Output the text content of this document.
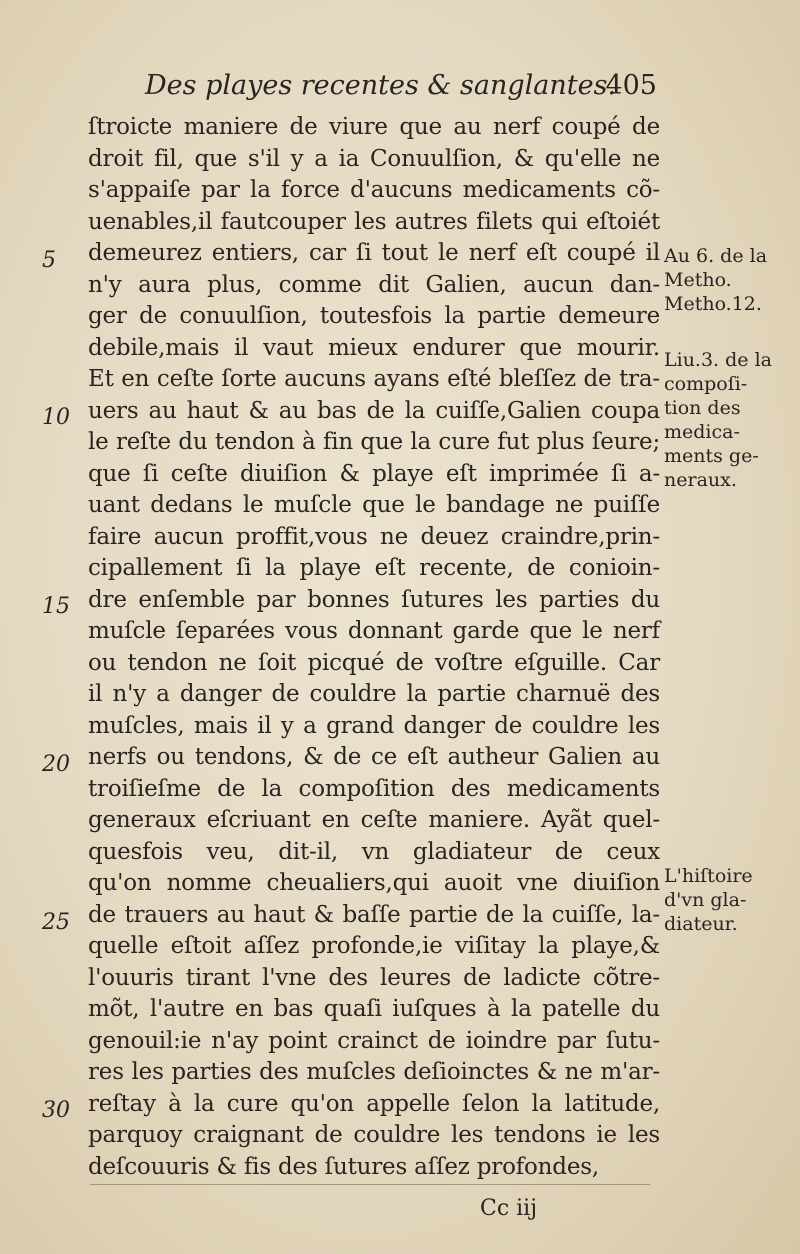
Des playes recentes & sanglantes.
405
ſtroicte maniere de viure que au nerf coupé de
droit fil, que s'il y a ia Conuulſion, & qu'elle ne
s'appaiſe par la force d'aucuns medicaments cõ-
uenables,il fautcouper les autres filets qui eſtoiét
demeurez entiers, car ſi tout le nerf eſt coupé il
n'y aura plus, comme dit Galien, aucun dan-
ger de conuulſion, toutesfois la partie demeure
debile,mais il vaut mieux endurer que mourir.
Et en ceſte ſorte aucuns ayans eſté bleſſez de tra-
uers au haut & au bas de la cuiſſe,Galien coupa
le reſte du tendon à fin que la cure fut plus ſeure;
que ſi ceſte diuiſion & playe eſt imprimée ſi a-
uant dedans le muſcle que le bandage ne puiſſe
faire aucun proffit,vous ne deuez craindre,prin-
cipallement ſi la playe eſt recente, de conioin-
dre enſemble par bonnes ſutures les parties du
muſcle ſeparées vous donnant garde que le nerf
ou tendon ne ſoit picqué de voſtre eſguille. Car
il n'y a danger de couldre la partie charnuë des
muſcles, mais il y a grand danger de couldre les
nerfs ou tendons, & de ce eſt autheur Galien au
troiſieſme de la compoſition des medicaments
generaux eſcriuant en ceſte maniere. Ayãt quel-
quesfois veu, dit-il, vn gladiateur de ceux
qu'on nomme cheualiers,qui auoit vne diuiſion
de trauers au haut & baſſe partie de la cuiſſe, la-
quelle eſtoit aſſez profonde,ie viſitay la playe,&
l'ouuris tirant l'vne des leures de ladicte cõtre-
mõt, l'autre en bas quaſi iuſques à la patelle du
genouil:ie n'ay point crainct de ioindre par ſutu-
res les parties des muſcles deſioinctes & ne m'ar-
reſtay à la cure qu'on appelle ſelon la latitude,
parquoy craignant de couldre les tendons ie les
deſcouuris & fis des ſutures aſſez profondes,
5
10
15
20
25
30
Au 6. de la
Metho.
Metho.12.
Liu.3. de la
compoſi-
tion des
medica-
ments ge-
neraux.
L'hiſtoire
d'vn gla-
diateur.
Cc iij
